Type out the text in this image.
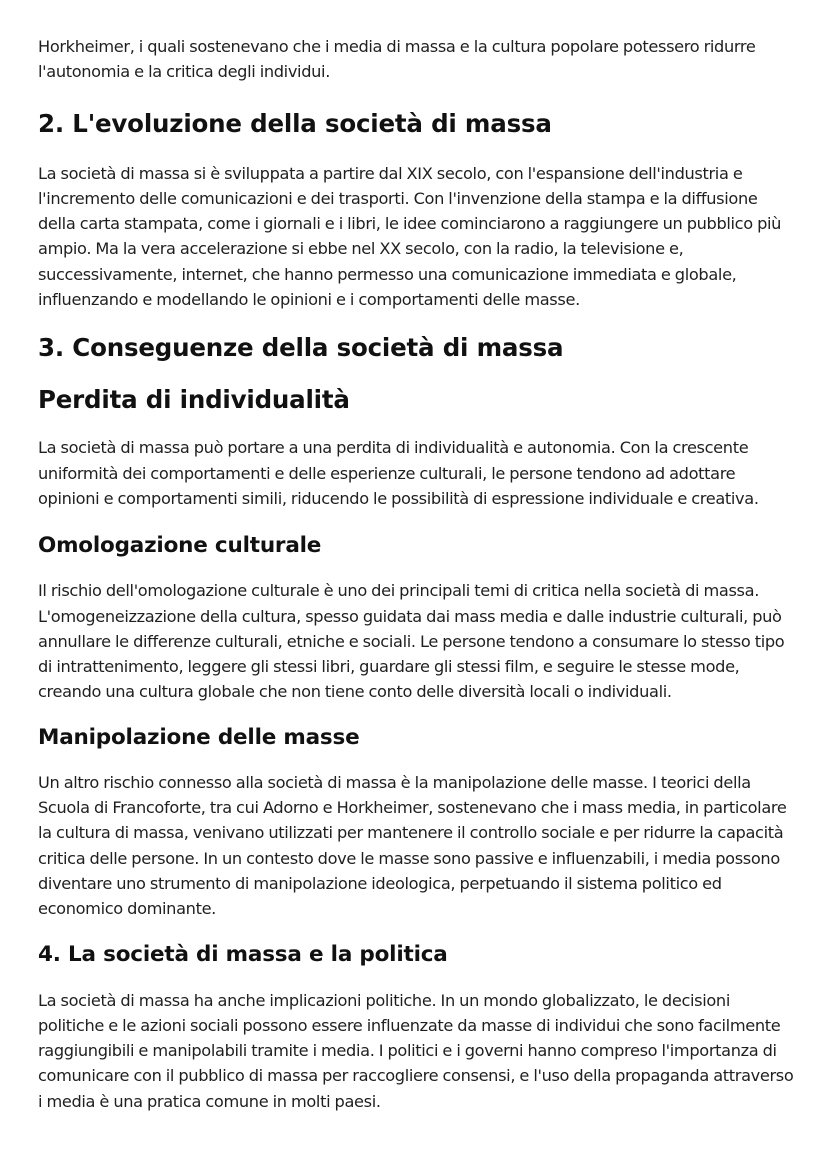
Horkheimer, i quali sostenevano che i media di massa e la cultura popolare potessero ridurre l'autonomia e la critica degli individui.

2. L'evoluzione della società di massa

La società di massa si è sviluppata a partire dal XIX secolo, con l'espansione dell'industria e l'incremento delle comunicazioni e dei trasporti. Con l'invenzione della stampa e la diffusione della carta stampata, come i giornali e i libri, le idee cominciarono a raggiungere un pubblico più ampio. Ma la vera accelerazione si ebbe nel XX secolo, con la radio, la televisione e, successivamente, internet, che hanno permesso una comunicazione immediata e globale, influenzando e modellando le opinioni e i comportamenti delle masse.

3. Conseguenze della società di massa
Perdita di individualità

La società di massa può portare a una perdita di individualità e autonomia. Con la crescente uniformità dei comportamenti e delle esperienze culturali, le persone tendono ad adottare opinioni e comportamenti simili, riducendo le possibilità di espressione individuale e creativa.

Omologazione culturale

Il rischio dell'omologazione culturale è uno dei principali temi di critica nella società di massa. L'omogeneizzazione della cultura, spesso guidata dai mass media e dalle industrie culturali, può annullare le differenze culturali, etniche e sociali. Le persone tendono a consumare lo stesso tipo di intrattenimento, leggere gli stessi libri, guardare gli stessi film, e seguire le stesse mode, creando una cultura globale che non tiene conto delle diversità locali o individuali.

Manipolazione delle masse

Un altro rischio connesso alla società di massa è la manipolazione delle masse. I teorici della Scuola di Francoforte, tra cui Adorno e Horkheimer, sostenevano che i mass media, in particolare la cultura di massa, venivano utilizzati per mantenere il controllo sociale e per ridurre la capacità critica delle persone. In un contesto dove le masse sono passive e influenzabili, i media possono diventare uno strumento di manipolazione ideologica, perpetuando il sistema politico ed economico dominante.

4. La società di massa e la politica

La società di massa ha anche implicazioni politiche. In un mondo globalizzato, le decisioni politiche e le azioni sociali possono essere influenzate da masse di individui che sono facilmente raggiungibili e manipolabili tramite i media. I politici e i governi hanno compreso l'importanza di comunicare con il pubblico di massa per raccogliere consensi, e l'uso della propaganda attraverso i media è una pratica comune in molti paesi.
